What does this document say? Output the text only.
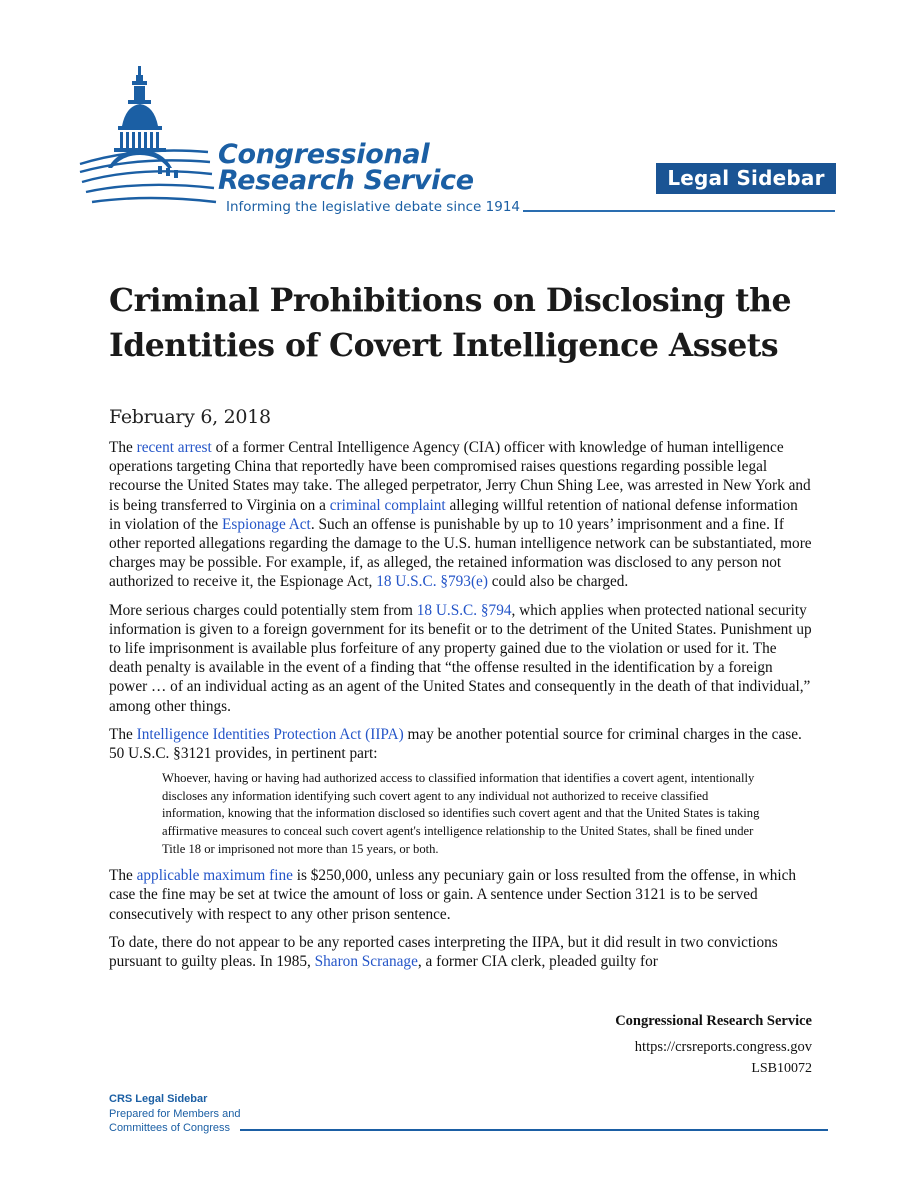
Congressional
Research Service
Informing the legislative debate since 1914
Legal Sidebar
Criminal Prohibitions on Disclosing the Identities of Covert Intelligence Assets
February 6, 2018

The recent arrest of a former Central Intelligence Agency (CIA) officer with knowledge of human intelligence operations targeting China that reportedly have been compromised raises questions regarding possible legal recourse the United States may take. The alleged perpetrator, Jerry Chun Shing Lee, was arrested in New York and is being transferred to Virginia on a criminal complaint alleging willful retention of national defense information in violation of the Espionage Act. Such an offense is punishable by up to 10 years’ imprisonment and a fine. If other reported allegations regarding the damage to the U.S. human intelligence network can be substantiated, more charges may be possible. For example, if, as alleged, the retained information was disclosed to any person not authorized to receive it, the Espionage Act, 18 U.S.C. §793(e) could also be charged.

More serious charges could potentially stem from 18 U.S.C. §794, which applies when protected national security information is given to a foreign government for its benefit or to the detriment of the United States. Punishment up to life imprisonment is available plus forfeiture of any property gained due to the violation or used for it. The death penalty is available in the event of a finding that “the offense resulted in the identification by a foreign power … of an individual acting as an agent of the United States and consequently in the death of that individual,” among other things.

The Intelligence Identities Protection Act (IIPA) may be another potential source for criminal charges in the case. 50 U.S.C. §3121 provides, in pertinent part:

Whoever, having or having had authorized access to classified information that identifies a covert agent, intentionally discloses any information identifying such covert agent to any individual not authorized to receive classified information, knowing that the information disclosed so identifies such covert agent and that the United States is taking affirmative measures to conceal such covert agent's intelligence relationship to the United States, shall be fined under Title 18 or imprisoned not more than 15 years, or both.

The applicable maximum fine is $250,000, unless any pecuniary gain or loss resulted from the offense, in which case the fine may be set at twice the amount of loss or gain. A sentence under Section 3121 is to be served consecutively with respect to any other prison sentence.

To date, there do not appear to be any reported cases interpreting the IIPA, but it did result in two convictions pursuant to guilty pleas. In 1985, Sharon Scranage, a former CIA clerk, pleaded guilty for

Congressional Research Service
https://crsreports.congress.gov
LSB10072
CRS Legal Sidebar
Prepared for Members and
Committees of Congress
